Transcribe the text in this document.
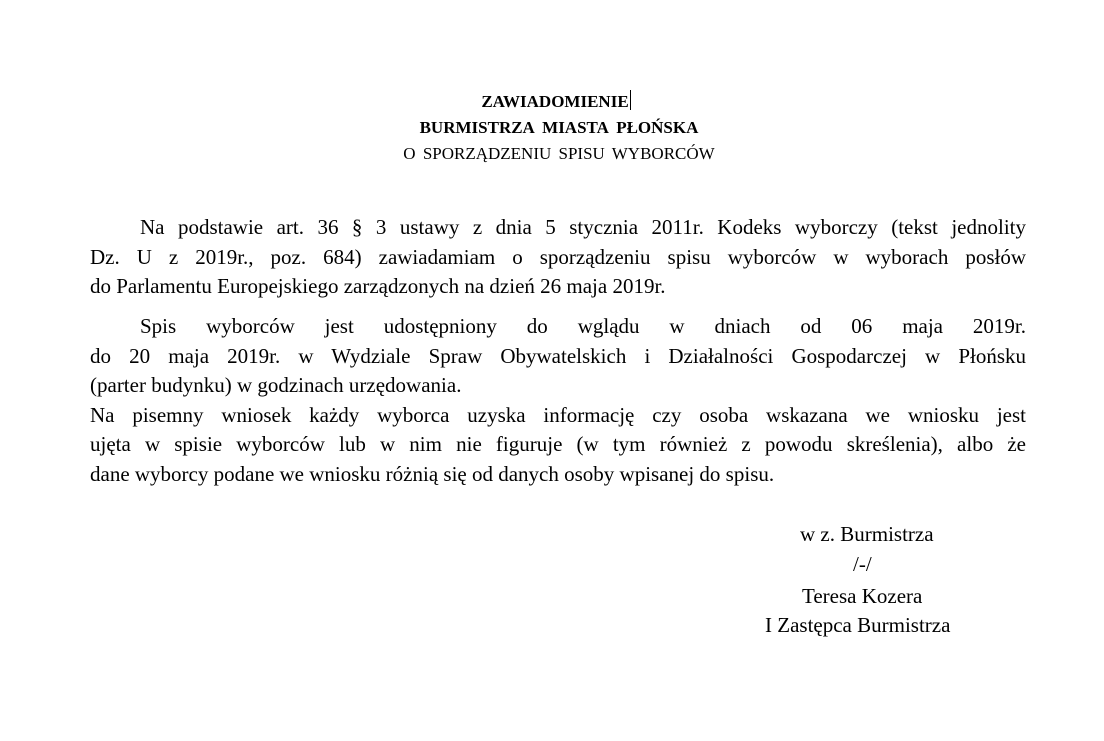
ZAWIADOMIENIE
BURMISTRZA MIASTA PŁOŃSKA
O SPORZĄDZENIU SPISU WYBORCÓW
Na podstawie art. 36 § 3 ustawy z dnia 5 stycznia 2011r. Kodeks wyborczy (tekst jednolity
Dz. U z 2019r., poz. 684) zawiadamiam o sporządzeniu spisu wyborców w wyborach posłów
do Parlamentu Europejskiego zarządzonych na dzień 26 maja 2019r.
Spis wyborców jest udostępniony do wglądu w dniach od 06 maja 2019r.
do 20 maja 2019r. w Wydziale Spraw Obywatelskich i Działalności Gospodarczej w Płońsku
(parter budynku) w godzinach urzędowania.
Na pisemny wniosek każdy wyborca uzyska informację czy osoba wskazana we wniosku jest
ujęta w spisie wyborców lub w nim nie figuruje (w tym również z powodu skreślenia), albo że
dane wyborcy podane we wniosku różnią się od danych osoby wpisanej do spisu.
w z. Burmistrza
/-/
Teresa Kozera
I Zastępca Burmistrza
